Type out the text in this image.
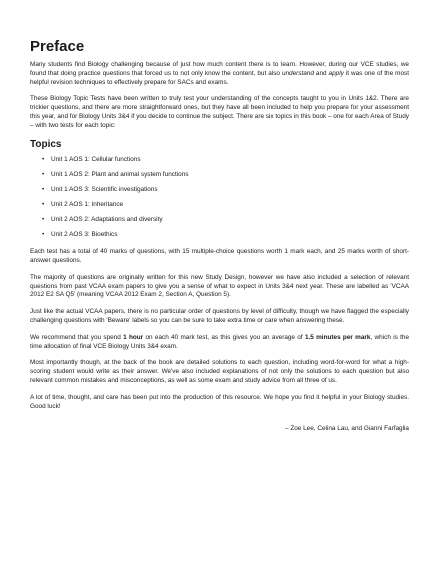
Preface

Many students find Biology challenging because of just how much content there is to learn. However, during our VCE studies, we found that doing practice questions that forced us to not only know the content, but also understand and apply it was one of the most helpful revision techniques to effectively prepare for SACs and exams.

These Biology Topic Tests have been written to truly test your understanding of the concepts taught to you in Units 1&2. There are trickier questions, and there are more straightforward ones, but they have all been included to help you prepare for your assessment this year, and for Biology Units 3&4 if you decide to continue the subject. There are six topics in this book – one for each Area of Study – with two tests for each topic:

Topics
• Unit 1 AOS 1: Cellular functions
• Unit 1 AOS 2: Plant and animal system functions
• Unit 1 AOS 3: Scientific investigations
• Unit 2 AOS 1: Inheritance
• Unit 2 AOS 2: Adaptations and diversity
• Unit 2 AOS 3: Bioethics

Each test has a total of 40 marks of questions, with 15 multiple-choice questions worth 1 mark each, and 25 marks worth of short-answer questions.

The majority of questions are originally written for this new Study Design, however we have also included a selection of relevant questions from past VCAA exam papers to give you a sense of what to expect in Units 3&4 next year. These are labelled as 'VCAA 2012 E2 SA Q5' (meaning VCAA 2012 Exam 2, Section A, Question 5).

Just like the actual VCAA papers, there is no particular order of questions by level of difficulty, though we have flagged the especially challenging questions with 'Beware' labels so you can be sure to take extra time or care when answering these.

We recommend that you spend 1 hour on each 40 mark test, as this gives you an average of 1.5 minutes per mark, which is the time allocation of final VCE Biology Units 3&4 exam.

Most importantly though, at the back of the book are detailed solutions to each question, including word-for-word for what a high-scoring student would write as their answer. We've also included explanations of not only the solutions to each question but also relevant common mistakes and misconceptions, as well as some exam and study advice from all three of us.

A lot of time, thought, and care has been put into the production of this resource. We hope you find it helpful in your Biology studies. Good luck!

– Zoe Lee, Celina Lau, and Gianni Farfaglia
